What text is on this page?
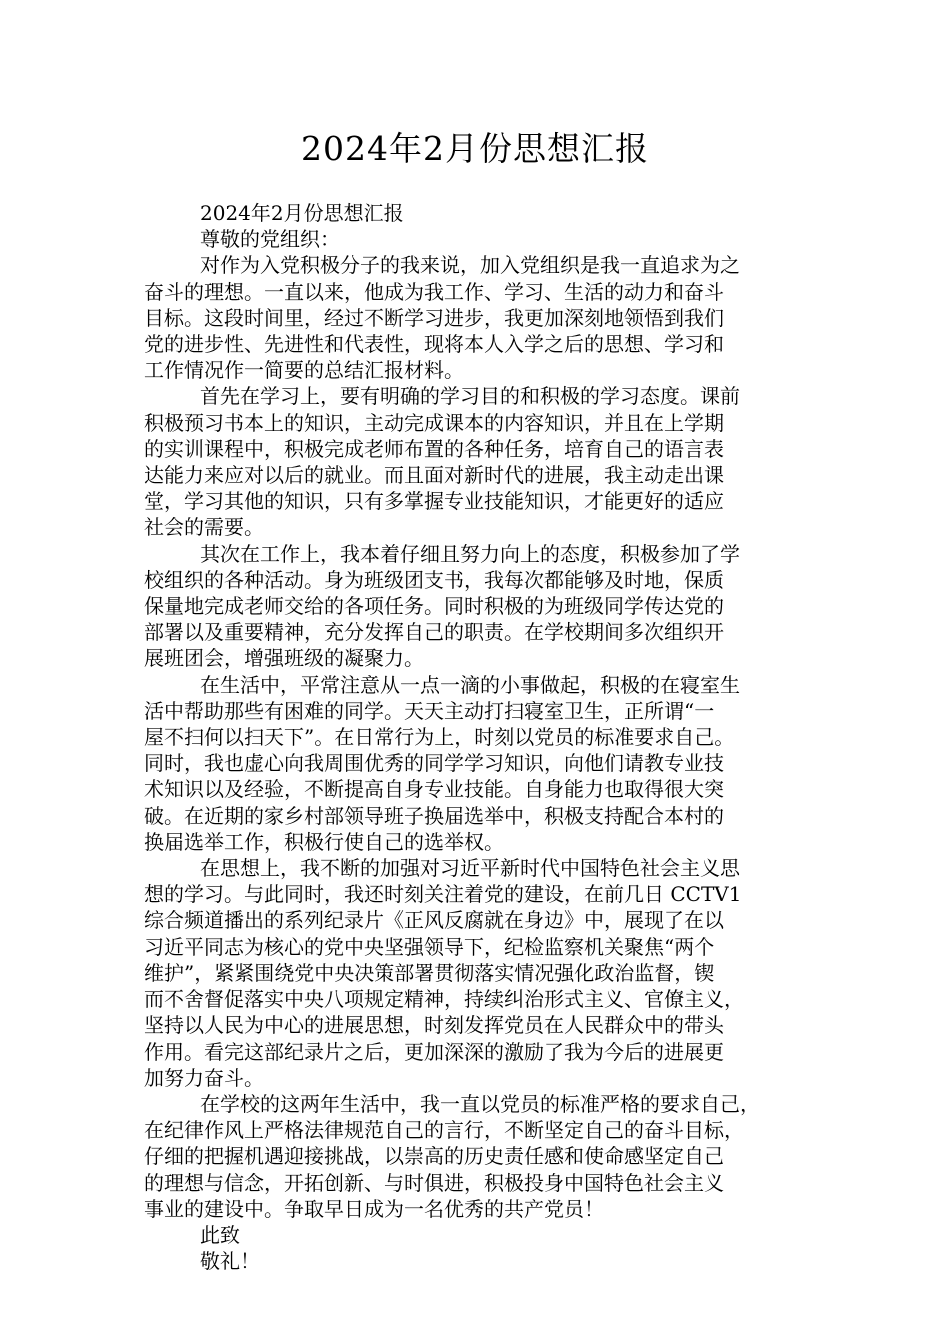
2024年2月份思想汇报

2024年2月份思想汇报

尊敬的党组织：

对作为入党积极分子的我来说，加入党组织是我一直追求为之

奋斗的理想。一直以来，他成为我工作、学习、生活的动力和奋斗

目标。这段时间里，经过不断学习进步，我更加深刻地领悟到我们

党的进步性、先进性和代表性，现将本人入学之后的思想、学习和

工作情况作一简要的总结汇报材料。

首先在学习上，要有明确的学习目的和积极的学习态度。课前

积极预习书本上的知识，主动完成课本的内容知识，并且在上学期

的实训课程中，积极完成老师布置的各种任务，培育自己的语言表

达能力来应对以后的就业。而且面对新时代的进展，我主动走出课

堂，学习其他的知识，只有多掌握专业技能知识，才能更好的适应

社会的需要。

其次在工作上，我本着仔细且努力向上的态度，积极参加了学

校组织的各种活动。身为班级团支书，我每次都能够及时地，保质

保量地完成老师交给的各项任务。同时积极的为班级同学传达党的

部署以及重要精神，充分发挥自己的职责。在学校期间多次组织开

展班团会，增强班级的凝聚力。

在生活中，平常注意从一点一滴的小事做起，积极的在寝室生

活中帮助那些有困难的同学。天天主动打扫寝室卫生，正所谓“一

屋不扫何以扫天下”。在日常行为上，时刻以党员的标准要求自己。

同时，我也虚心向我周围优秀的同学学习知识，向他们请教专业技

术知识以及经验，不断提高自身专业技能。自身能力也取得很大突

破。在近期的家乡村部领导班子换届选举中，积极支持配合本村的

换届选举工作，积极行使自己的选举权。

在思想上，我不断的加强对习近平新时代中国特色社会主义思

想的学习。与此同时，我还时刻关注着党的建设，在前几日 CCTV1

综合频道播出的系列纪录片《正风反腐就在身边》中，展现了在以

习近平同志为核心的党中央坚强领导下，纪检监察机关聚焦“两个

维护”，紧紧围绕党中央决策部署贯彻落实情况强化政治监督，锲

而不舍督促落实中央八项规定精神，持续纠治形式主义、官僚主义，

坚持以人民为中心的进展思想，时刻发挥党员在人民群众中的带头

作用。看完这部纪录片之后，更加深深的激励了我为今后的进展更

加努力奋斗。

在学校的这两年生活中，我一直以党员的标准严格的要求自己，

在纪律作风上严格法律规范自己的言行，不断坚定自己的奋斗目标，

仔细的把握机遇迎接挑战，以崇高的历史责任感和使命感坚定自己

的理想与信念，开拓创新、与时俱进，积极投身中国特色社会主义

事业的建设中。争取早日成为一名优秀的共产党员！

此致

敬礼！
